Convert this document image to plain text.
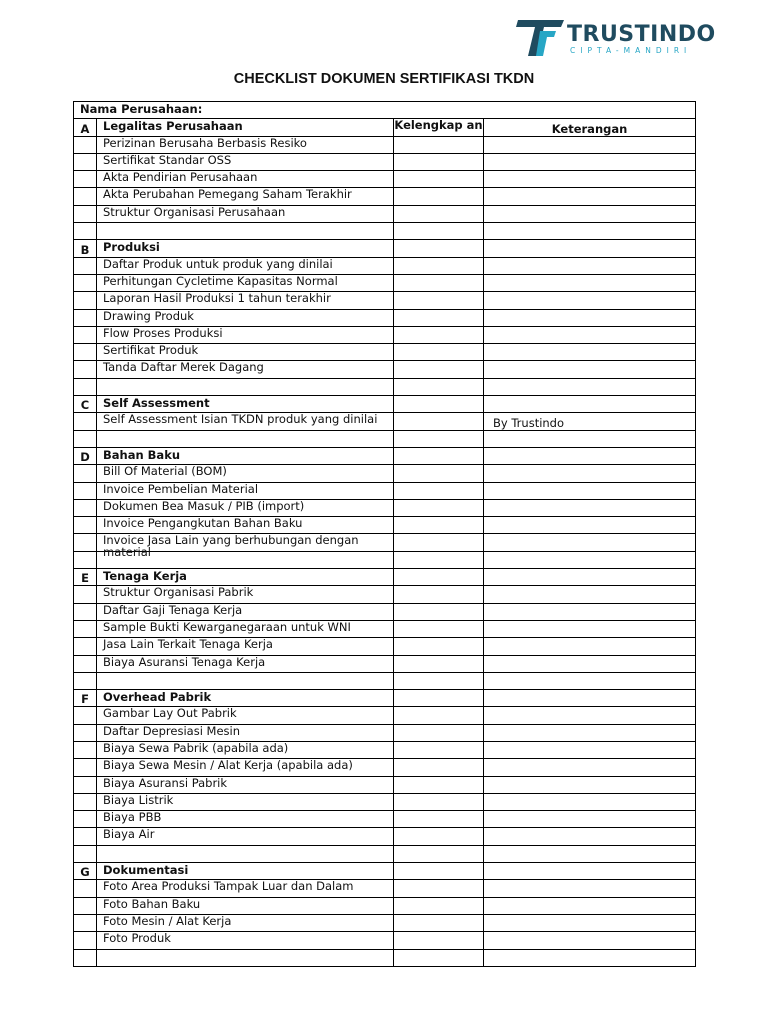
TRUSTINDO
CIPTA-MANDIRI
CHECKLIST DOKUMEN SERTIFIKASI TKDN
Nama Perusahaan:			
A	Legalitas Perusahaan	Kelengkap an	Keterangan

	Perizinan Berusaha Berbasis Resiko		

	Sertifikat Standar OSS		

	Akta Pendirian Perusahaan		

	Akta Perubahan Pemegang Saham Terakhir		

	Struktur Organisasi Perusahaan		

B	Produksi		

	Daftar Produk untuk produk yang dinilai		

	Perhitungan Cycletime Kapasitas Normal		

	Laporan Hasil Produksi 1 tahun terakhir		

	Drawing Produk		

	Flow Proses Produksi		

	Sertifikat Produk		

	Tanda Daftar Merek Dagang		

C	Self Assessment		

	Self Assessment Isian TKDN produk yang dinilai		By Trustindo

D	Bahan Baku		

	Bill Of Material (BOM)		

	Invoice Pembelian Material		

	Dokumen Bea Masuk / PIB (import)		

	Invoice Pengangkutan Bahan Baku		

	Invoice Jasa Lain yang berhubungan dengan material		

E	Tenaga Kerja		

	Struktur Organisasi Pabrik		

	Daftar Gaji Tenaga Kerja		

	Sample Bukti Kewarganegaraan untuk WNI		

	Jasa Lain Terkait Tenaga Kerja		

	Biaya Asuransi Tenaga Kerja		

F	Overhead Pabrik		

	Gambar Lay Out Pabrik		

	Daftar Depresiasi Mesin		

	Biaya Sewa Pabrik (apabila ada)		

	Biaya Sewa Mesin / Alat Kerja (apabila ada)		

	Biaya Asuransi Pabrik		

	Biaya Listrik		

	Biaya PBB		

	Biaya Air		

G	Dokumentasi		

	Foto Area Produksi Tampak Luar dan Dalam		

	Foto Bahan Baku		

	Foto Mesin / Alat Kerja		

	Foto Produk		
